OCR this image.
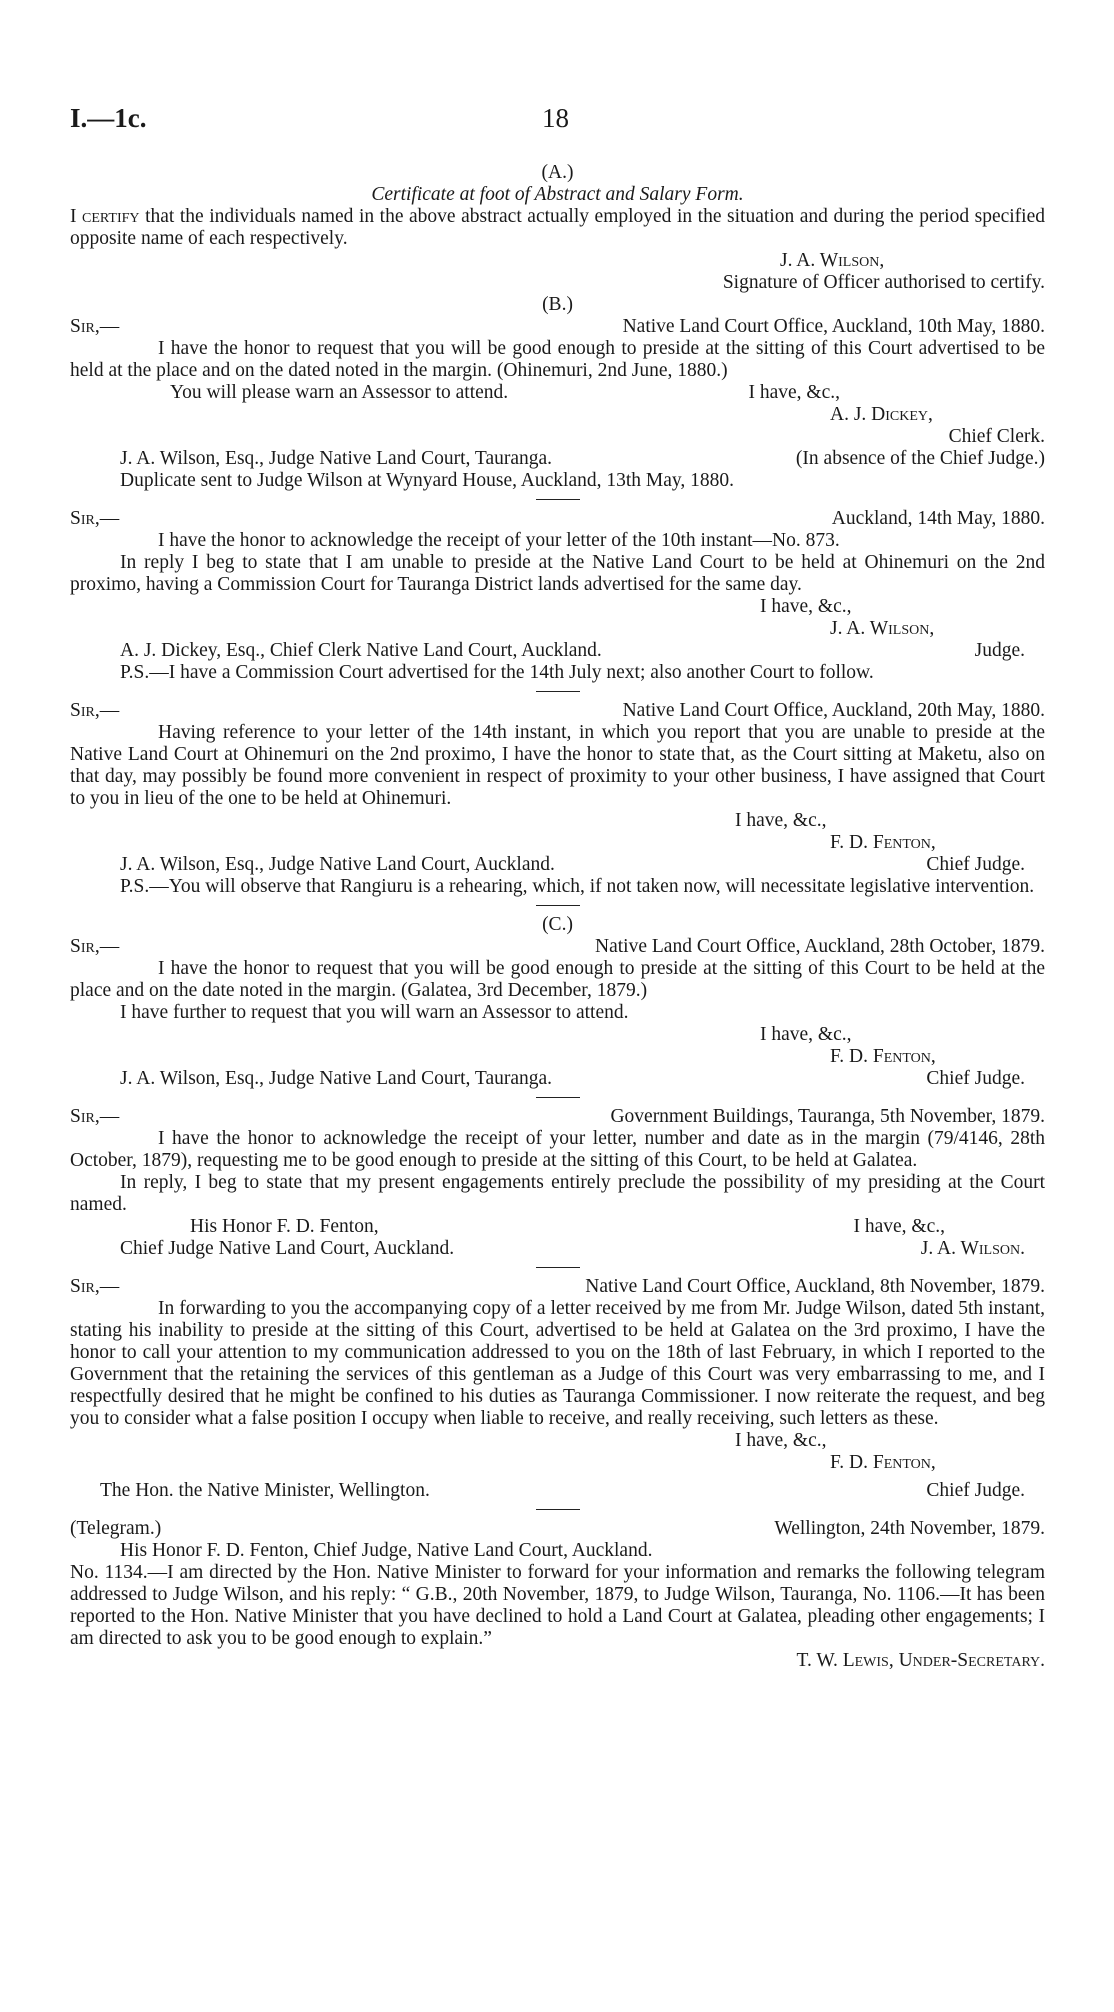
I.—1c.	18

(A.)

Certificate at foot of Abstract and Salary Form.

I certify that the individuals named in the above abstract actually employed in the situation and during the period specified opposite name of each respectively.

J. A. Wilson,

Signature of Officer authorised to certify.

(B.)

Sir,—	Native Land Court Office, Auckland, 10th May, 1880.

I have the honor to request that you will be good enough to preside at the sitting of this Court advertised to be held at the place and on the dated noted in the margin. (Ohinemuri, 2nd June, 1880.)

You will please warn an Assessor to attend.	I have, &c.,

A. J. Dickey,

Chief Clerk.

J. A. Wilson, Esq., Judge Native Land Court, Tauranga.	(In absence of the Chief Judge.)

Duplicate sent to Judge Wilson at Wynyard House, Auckland, 13th May, 1880.

Sir,—	Auckland, 14th May, 1880.

I have the honor to acknowledge the receipt of your letter of the 10th instant—No. 873.

In reply I beg to state that I am unable to preside at the Native Land Court to be held at Ohinemuri on the 2nd proximo, having a Commission Court for Tauranga District lands advertised for the same day.

I have, &c.,

J. A. Wilson,

A. J. Dickey, Esq., Chief Clerk Native Land Court, Auckland.	Judge.

P.S.—I have a Commission Court advertised for the 14th July next; also another Court to follow.

Sir,—	Native Land Court Office, Auckland, 20th May, 1880.

Having reference to your letter of the 14th instant, in which you report that you are unable to preside at the Native Land Court at Ohinemuri on the 2nd proximo, I have the honor to state that, as the Court sitting at Maketu, also on that day, may possibly be found more convenient in respect of proximity to your other business, I have assigned that Court to you in lieu of the one to be held at Ohinemuri.

I have, &c.,

F. D. Fenton,

J. A. Wilson, Esq., Judge Native Land Court, Auckland.	Chief Judge.

P.S.—You will observe that Rangiuru is a rehearing, which, if not taken now, will necessitate legislative intervention.

(C.)

Sir,—	Native Land Court Office, Auckland, 28th October, 1879.

I have the honor to request that you will be good enough to preside at the sitting of this Court to be held at the place and on the date noted in the margin. (Galatea, 3rd December, 1879.)

I have further to request that you will warn an Assessor to attend.

I have, &c.,

F. D. Fenton,

J. A. Wilson, Esq., Judge Native Land Court, Tauranga.	Chief Judge.
Sir,—	Government Buildings, Tauranga, 5th November, 1879.

I have the honor to acknowledge the receipt of your letter, number and date as in the margin (79/4146, 28th October, 1879), requesting me to be good enough to preside at the sitting of this Court, to be held at Galatea.

In reply, I beg to state that my present engagements entirely preclude the possibility of my presiding at the Court named.

His Honor F. D. Fenton,	I have, &c.,
Chief Judge Native Land Court, Auckland.	J. A. Wilson.
Sir,—	Native Land Court Office, Auckland, 8th November, 1879.

In forwarding to you the accompanying copy of a letter received by me from Mr. Judge Wilson, dated 5th instant, stating his inability to preside at the sitting of this Court, advertised to be held at Galatea on the 3rd proximo, I have the honor to call your attention to my communication addressed to you on the 18th of last February, in which I reported to the Government that the retaining the services of this gentleman as a Judge of this Court was very embarrassing to me, and I respectfully desired that he might be confined to his duties as Tauranga Commissioner. I now reiterate the request, and beg you to consider what a false position I occupy when liable to receive, and really receiving, such letters as these.

I have, &c.,

F. D. Fenton,

The Hon. the Native Minister, Wellington.	Chief Judge.
(Telegram.)	Wellington, 24th November, 1879.

His Honor F. D. Fenton, Chief Judge, Native Land Court, Auckland.

No. 1134.—I am directed by the Hon. Native Minister to forward for your information and remarks the following telegram addressed to Judge Wilson, and his reply: “ G.B., 20th November, 1879, to Judge Wilson, Tauranga, No. 1106.—It has been reported to the Hon. Native Minister that you have declined to hold a Land Court at Galatea, pleading other engagements; I am directed to ask you to be good enough to explain.”

T. W. Lewis, Under-Secretary.
